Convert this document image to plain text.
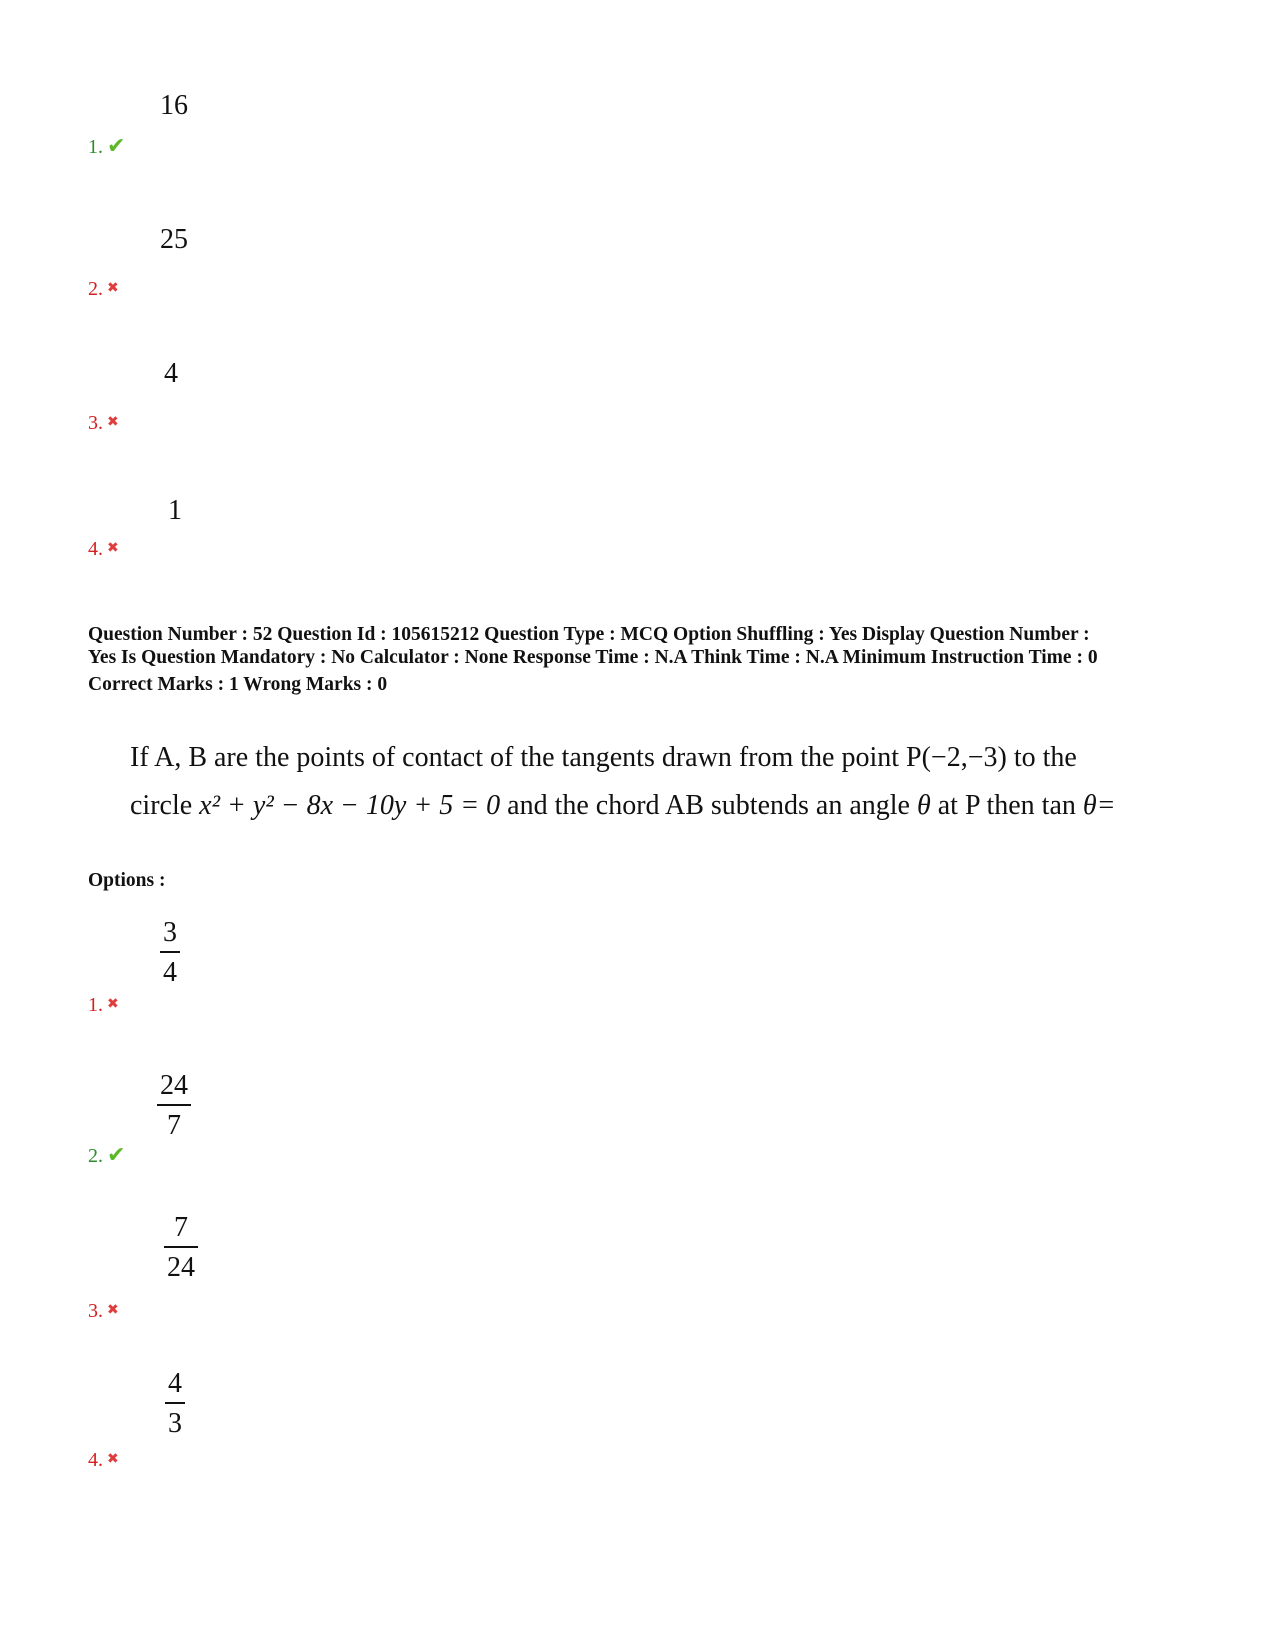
16
1. ✔
25
2. ✖
4
3. ✖
1
4. ✖
Question Number : 52 Question Id : 105615212 Question Type : MCQ Option Shuffling : Yes Display Question Number :
Yes Is Question Mandatory : No Calculator : None Response Time : N.A Think Time : N.A Minimum Instruction Time : 0
Correct Marks : 1 Wrong Marks : 0
If A, B are the points of contact of the tangents drawn from the point P(−2,−3) to the
circle x² + y² − 8x − 10y + 5 = 0 and the chord AB subtends an angle θ at P then tan θ=
Options :
3
4
1. ✖
24
7
2. ✔
7
24
3. ✖
4
3
4. ✖
